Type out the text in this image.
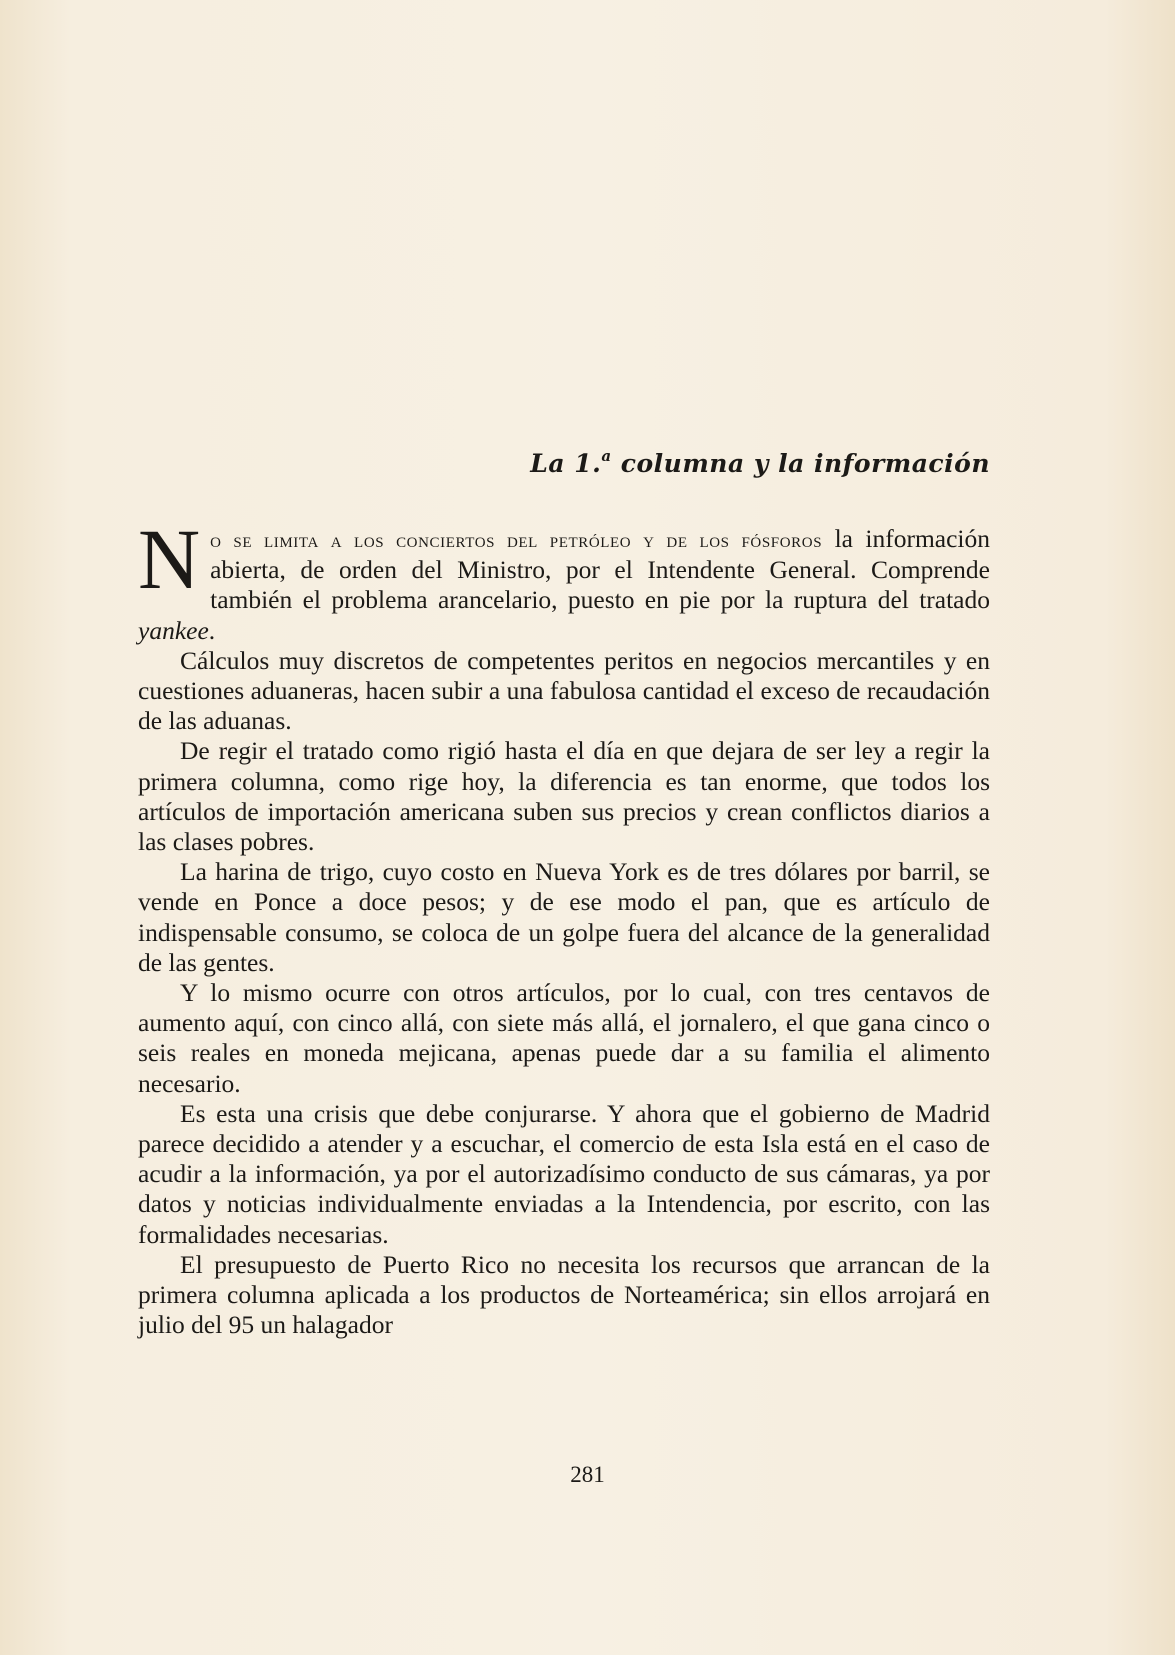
La 1.$^a$ columna y la información

No se limita a los conciertos del petróleo y de los fósforos la información abierta, de orden del Ministro, por el Intendente General. Comprende también el problema arancelario, puesto en pie por la ruptura del tratado yankee.

Cálculos muy discretos de competentes peritos en negocios mercantiles y en cuestiones aduaneras, hacen subir a una fabulosa cantidad el exceso de recaudación de las aduanas.

De regir el tratado como rigió hasta el día en que dejara de ser ley a regir la primera columna, como rige hoy, la diferencia es tan enorme, que todos los artículos de importación americana suben sus precios y crean conflictos diarios a las clases pobres.

La harina de trigo, cuyo costo en Nueva York es de tres dólares por barril, se vende en Ponce a doce pesos; y de ese modo el pan, que es artículo de indispensable consumo, se coloca de un golpe fuera del alcance de la generalidad de las gentes.

Y lo mismo ocurre con otros artículos, por lo cual, con tres centavos de aumento aquí, con cinco allá, con siete más allá, el jornalero, el que gana cinco o seis reales en moneda mejicana, apenas puede dar a su familia el alimento necesario.

Es esta una crisis que debe conjurarse. Y ahora que el gobierno de Madrid parece decidido a atender y a escuchar, el comercio de esta Isla está en el caso de acudir a la información, ya por el autorizadísimo conducto de sus cámaras, ya por datos y noticias individualmente enviadas a la Intendencia, por escrito, con las formalidades necesarias.

El presupuesto de Puerto Rico no necesita los recursos que arrancan de la primera columna aplicada a los productos de Norteamérica; sin ellos arrojará en julio del 95 un halagador

281
